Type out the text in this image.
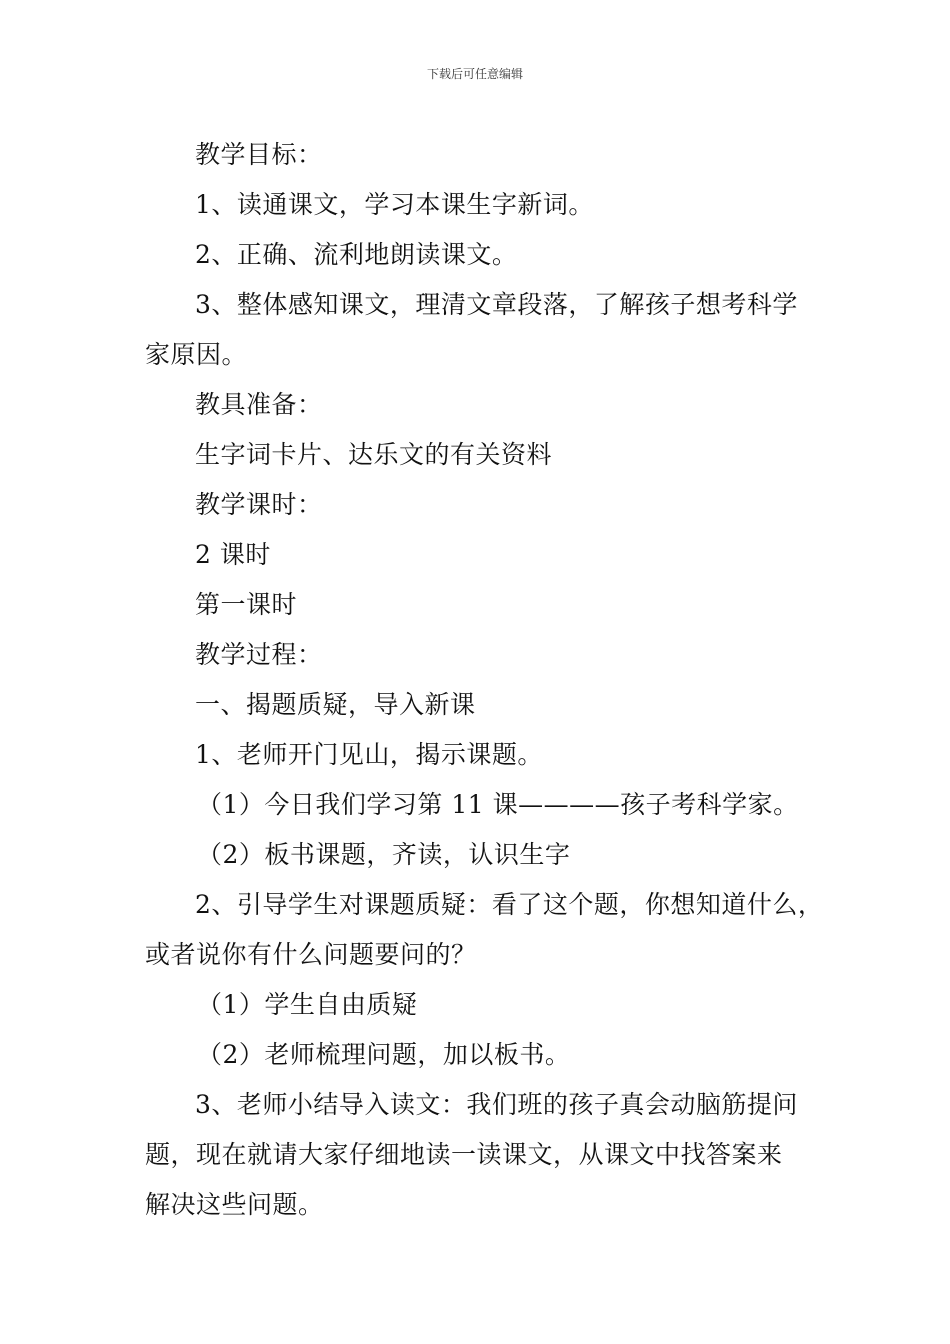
下载后可任意编辑

教学目标：

1、读通课文，学习本课生字新词。

2、正确、流利地朗读课文。

3、整体感知课文，理清文章段落，了解孩子想考科学

家原因。

教具准备：

生字词卡片、达乐文的有关资料

教学课时：

2 课时

第一课时

教学过程：

一、揭题质疑，导入新课

1、老师开门见山，揭示课题。

（1）今日我们学习第 11 课————孩子考科学家。

（2）板书课题，齐读，认识生字

2、引导学生对课题质疑：看了这个题，你想知道什么，

或者说你有什么问题要问的？

（1）学生自由质疑

（2）老师梳理问题，加以板书。

3、老师小结导入读文：我们班的孩子真会动脑筋提问

题，现在就请大家仔细地读一读课文，从课文中找答案来

解决这些问题。
